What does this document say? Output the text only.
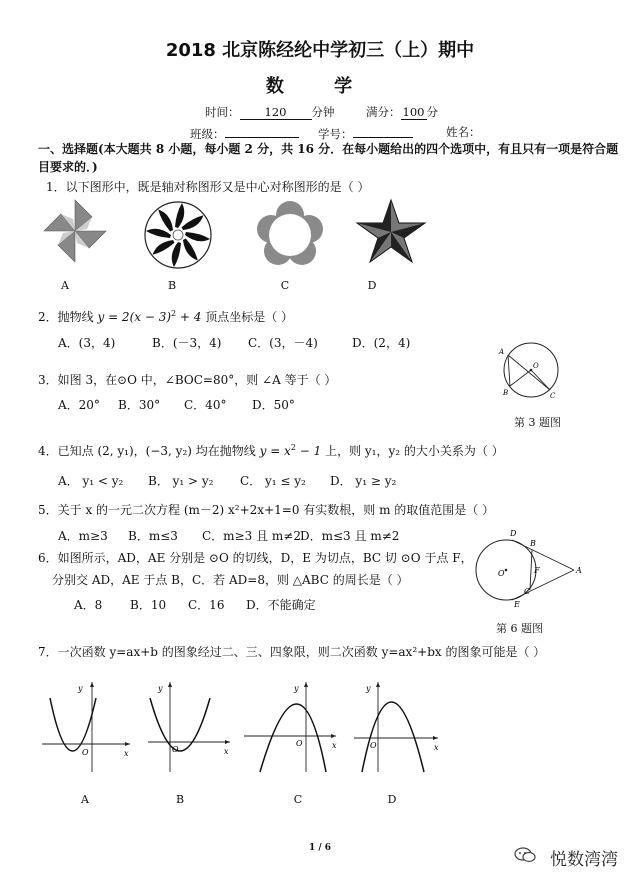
2018 北京陈经纶中学初三（上）期中
数 学
时间： 120 分钟	满分： 100 分
班级：	学号：	姓名：
一、选择题(本大题共 8 小题，每小题 2 分，共 16 分．在每小题给出的四个选项中，有且只有一项是符合题目要求的．)
1．以下图形中，既是轴对称图形又是中心对称图形的是（ ）
A	B	C	D
2．抛物线 $y = 2(x - 3)^2 + 4$ 顶点坐标是（ ）
A．(3，4)	B．(－3，4) C．(3，－4)	D．(2，4)
A
O
B	C
第 3 题图
3．如图 3，在⊙O 中，∠BOC=80°，则 ∠A 等于（ ）
A．20° B．30° C．40° D．50°
4．已知点 (2, y₁)，(−3, y₂) 均在抛物线 $y = x^2 - 1$ 上，则 y₁，y₂ 的大小关系为（ ）
A． y₁ < y₂ B． y₁ > y₂ C． y₁ ≤ y₂ D． y₁ ≥ y₂
5．关于 x 的一元二次方程 (m－2) x²+2x+1=0 有实数根，则 m 的取值范围是（ ）
A．m≥3 B．m≤3 C．m≥3 且 m≠2 D．m≤3 且 m≠2
6．如图所示，AD，AE 分别是 ⊙O 的切线，D，E 为切点，BC 切 ⊙O 于点 F，
分别交 AD，AE 于点 B，C．若 AD=8，则 △ABC 的周长是（ ）
A．8 B．10 C．16 D．不能确定
D
B
O	F	A
C
E
第 6 题图
7．一次函数 y=ax+b 的图象经过二、三、四象限，则二次函数 y=ax²+bx 的图象可能是（ ）
y
x
O
y
x
O
y
x
O
y
x
O
A	B	C	D
1 / 6
悦数湾湾
